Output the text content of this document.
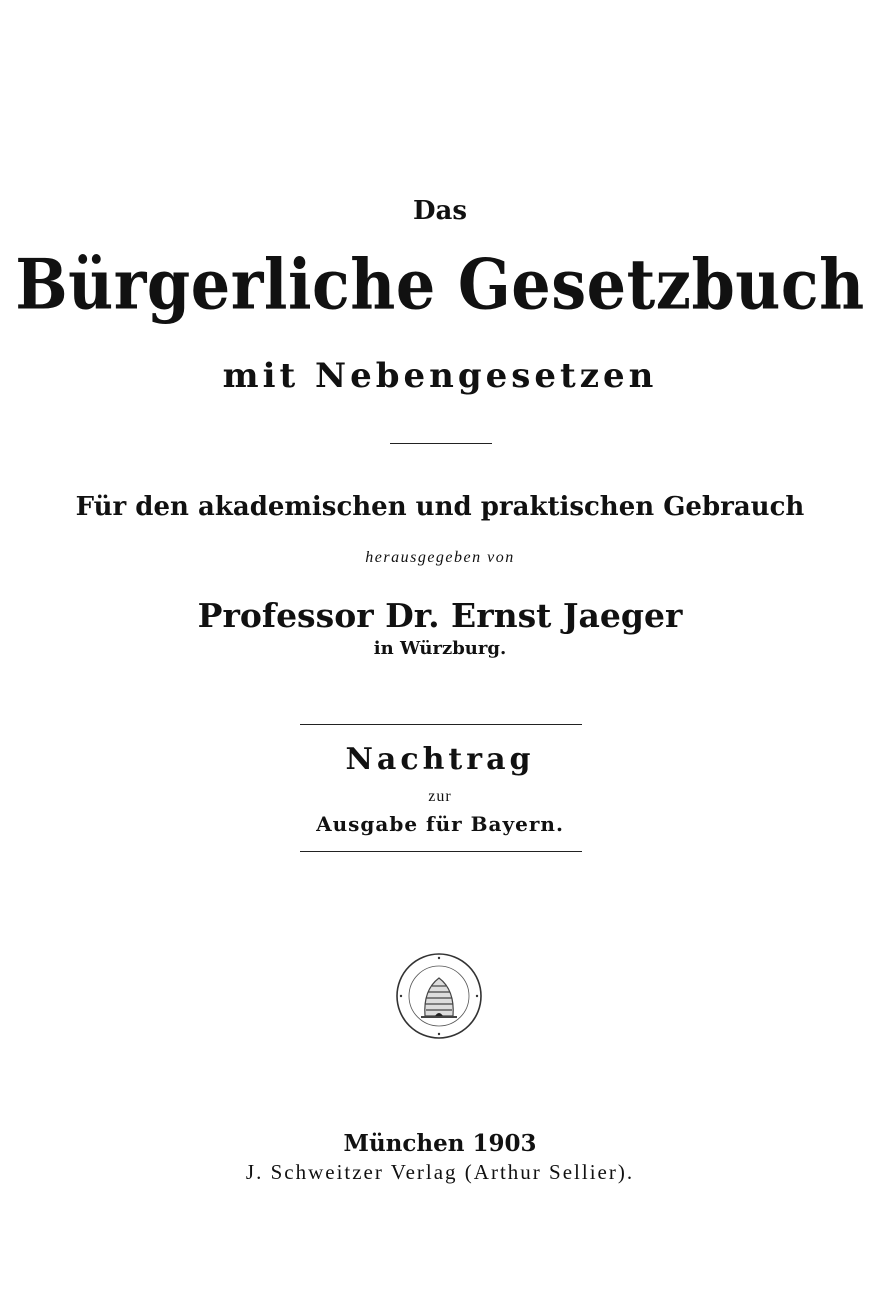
Das
Bürgerliche Gesetzbuch
mit Nebengesetzen
Für den akademischen und praktischen Gebrauch
herausgegeben von
Professor Dr. Ernst Jaeger
in Würzburg.
Nachtrag
zur
Ausgabe für Bayern.
München 1903
J. Schweitzer Verlag (Arthur Sellier).
